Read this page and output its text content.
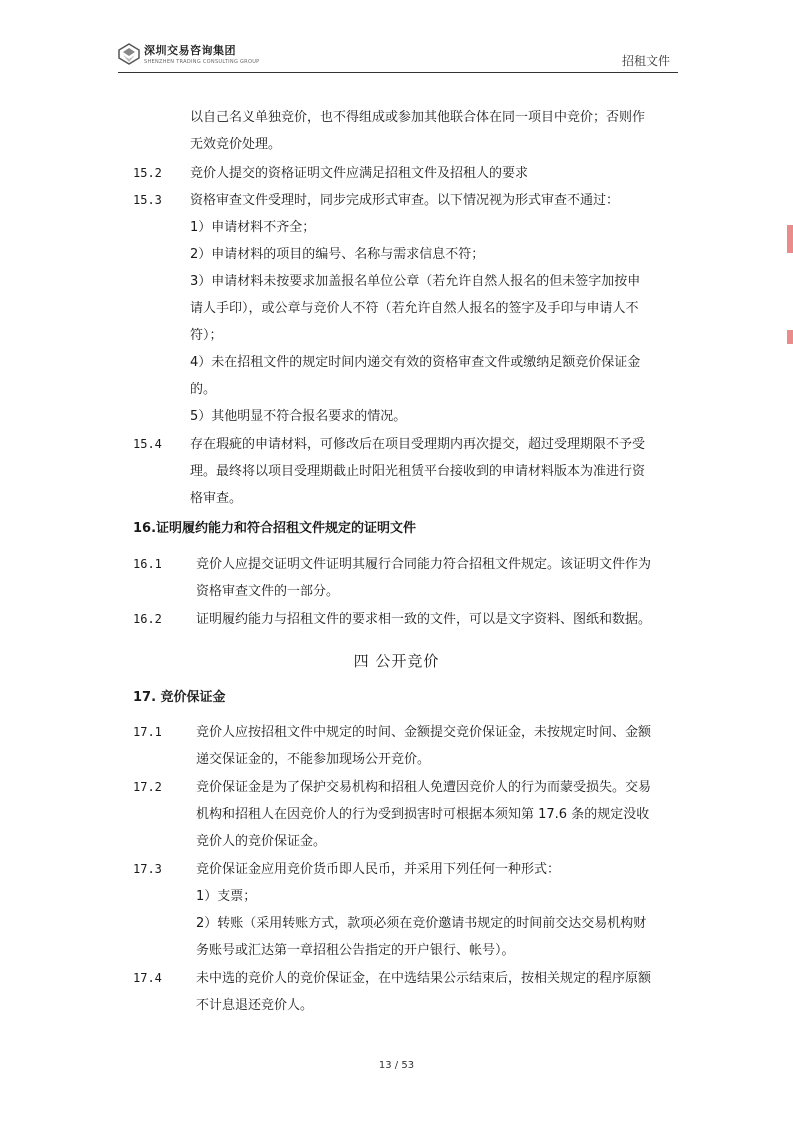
深圳交易咨询集团
SHENZHEN TRADING CONSULTING GROUP	招租文件
以自己名义单独竞价，也不得组成或参加其他联合体在同一项目中竞价；否则作
无效竞价处理。
15.2 竞价人提交的资格证明文件应满足招租文件及招租人的要求
15.3 资格审查文件受理时，同步完成形式审查。以下情况视为形式审查不通过：
1）申请材料不齐全；
2）申请材料的项目的编号、名称与需求信息不符；
3）申请材料未按要求加盖报名单位公章（若允许自然人报名的但未签字加按申
请人手印），或公章与竞价人不符（若允许自然人报名的签字及手印与申请人不
符）；
4）未在招租文件的规定时间内递交有效的资格审查文件或缴纳足额竞价保证金
的。
5）其他明显不符合报名要求的情况。
15.4 存在瑕疵的申请材料，可修改后在项目受理期内再次提交，超过受理期限不予受
理。最终将以项目受理期截止时阳光租赁平台接收到的申请材料版本为准进行资
格审查。
16.证明履约能力和符合招租文件规定的证明文件
16.1	竞价人应提交证明文件证明其履行合同能力符合招租文件规定。该证明文件作为
资格审查文件的一部分。
16.2	证明履约能力与招租文件的要求相一致的文件，可以是文字资料、图纸和数据。
四 公开竞价
17. 竞价保证金
17.1	竞价人应按招租文件中规定的时间、金额提交竞价保证金，未按规定时间、金额
递交保证金的，不能参加现场公开竞价。
17.2	竞价保证金是为了保护交易机构和招租人免遭因竞价人的行为而蒙受损失。交易
机构和招租人在因竞价人的行为受到损害时可根据本须知第 17.6 条的规定没收
竞价人的竞价保证金。
17.3	竞价保证金应用竞价货币即人民币，并采用下列任何一种形式：
1）支票；
2）转账（采用转账方式，款项必须在竞价邀请书规定的时间前交达交易机构财
务账号或汇达第一章招租公告指定的开户银行、帐号）。
17.4	未中选的竞价人的竞价保证金，在中选结果公示结束后，按相关规定的程序原额
不计息退还竞价人。
13 / 53
